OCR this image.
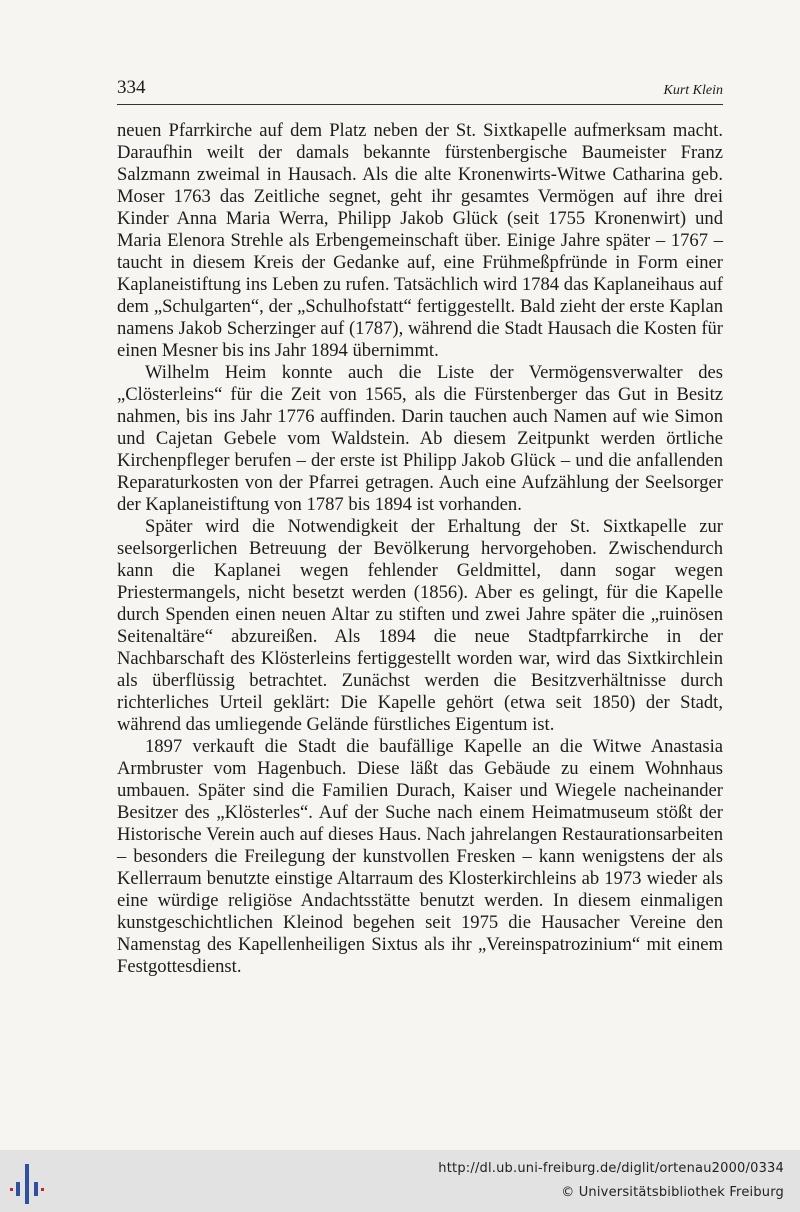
334	Kurt Klein

neuen Pfarrkirche auf dem Platz neben der St. Sixtkapelle aufmerksam macht. Daraufhin weilt der damals bekannte fürstenbergische Baumeister Franz Salzmann zweimal in Hausach. Als die alte Kronenwirts-Witwe Catharina geb. Moser 1763 das Zeitliche segnet, geht ihr gesamtes Vermögen auf ihre drei Kinder Anna Maria Werra, Philipp Jakob Glück (seit 1755 Kronenwirt) und Maria Elenora Strehle als Erbengemeinschaft über. Einige Jahre später – 1767 – taucht in diesem Kreis der Gedanke auf, eine Frühmeßpfründe in Form einer Kaplaneistiftung ins Leben zu rufen. Tatsächlich wird 1784 das Kaplaneihaus auf dem „Schulgarten“, der „Schulhofstatt“ fertiggestellt. Bald zieht der erste Kaplan namens Jakob Scherzinger auf (1787), während die Stadt Hausach die Kosten für einen Mesner bis ins Jahr 1894 übernimmt.

Wilhelm Heim konnte auch die Liste der Vermögensverwalter des „Clösterleins“ für die Zeit von 1565, als die Fürstenberger das Gut in Besitz nahmen, bis ins Jahr 1776 auffinden. Darin tauchen auch Namen auf wie Simon und Cajetan Gebele vom Waldstein. Ab diesem Zeitpunkt werden örtliche Kirchenpfleger berufen – der erste ist Philipp Jakob Glück – und die anfallenden Reparaturkosten von der Pfarrei getragen. Auch eine Aufzählung der Seelsorger der Kaplaneistiftung von 1787 bis 1894 ist vorhanden.

Später wird die Notwendigkeit der Erhaltung der St. Sixtkapelle zur seelsorgerlichen Betreuung der Bevölkerung hervorgehoben. Zwischendurch kann die Kaplanei wegen fehlender Geldmittel, dann sogar wegen Priestermangels, nicht besetzt werden (1856). Aber es gelingt, für die Kapelle durch Spenden einen neuen Altar zu stiften und zwei Jahre später die „ruinösen Seitenaltäre“ abzureißen. Als 1894 die neue Stadtpfarrkirche in der Nachbarschaft des Klösterleins fertiggestellt worden war, wird das Sixtkirchlein als überflüssig betrachtet. Zunächst werden die Besitzverhältnisse durch richterliches Urteil geklärt: Die Kapelle gehört (etwa seit 1850) der Stadt, während das umliegende Gelände fürstliches Eigentum ist.

1897 verkauft die Stadt die baufällige Kapelle an die Witwe Anastasia Armbruster vom Hagenbuch. Diese läßt das Gebäude zu einem Wohnhaus umbauen. Später sind die Familien Durach, Kaiser und Wiegele nacheinander Besitzer des „Klösterles“. Auf der Suche nach einem Heimatmuseum stößt der Historische Verein auch auf dieses Haus. Nach jahrelangen Restaurationsarbeiten – besonders die Freilegung der kunstvollen Fresken – kann wenigstens der als Kellerraum benutzte einstige Altarraum des Klosterkirchleins ab 1973 wieder als eine würdige religiöse Andachtsstätte benutzt werden. In diesem einmaligen kunstgeschichtlichen Kleinod begehen seit 1975 die Hausacher Vereine den Namenstag des Kapellenheiligen Sixtus als ihr „Vereinspatrozinium“ mit einem Festgottesdienst.

http://dl.ub.uni-freiburg.de/diglit/ortenau2000/0334
© Universitätsbibliothek Freiburg
